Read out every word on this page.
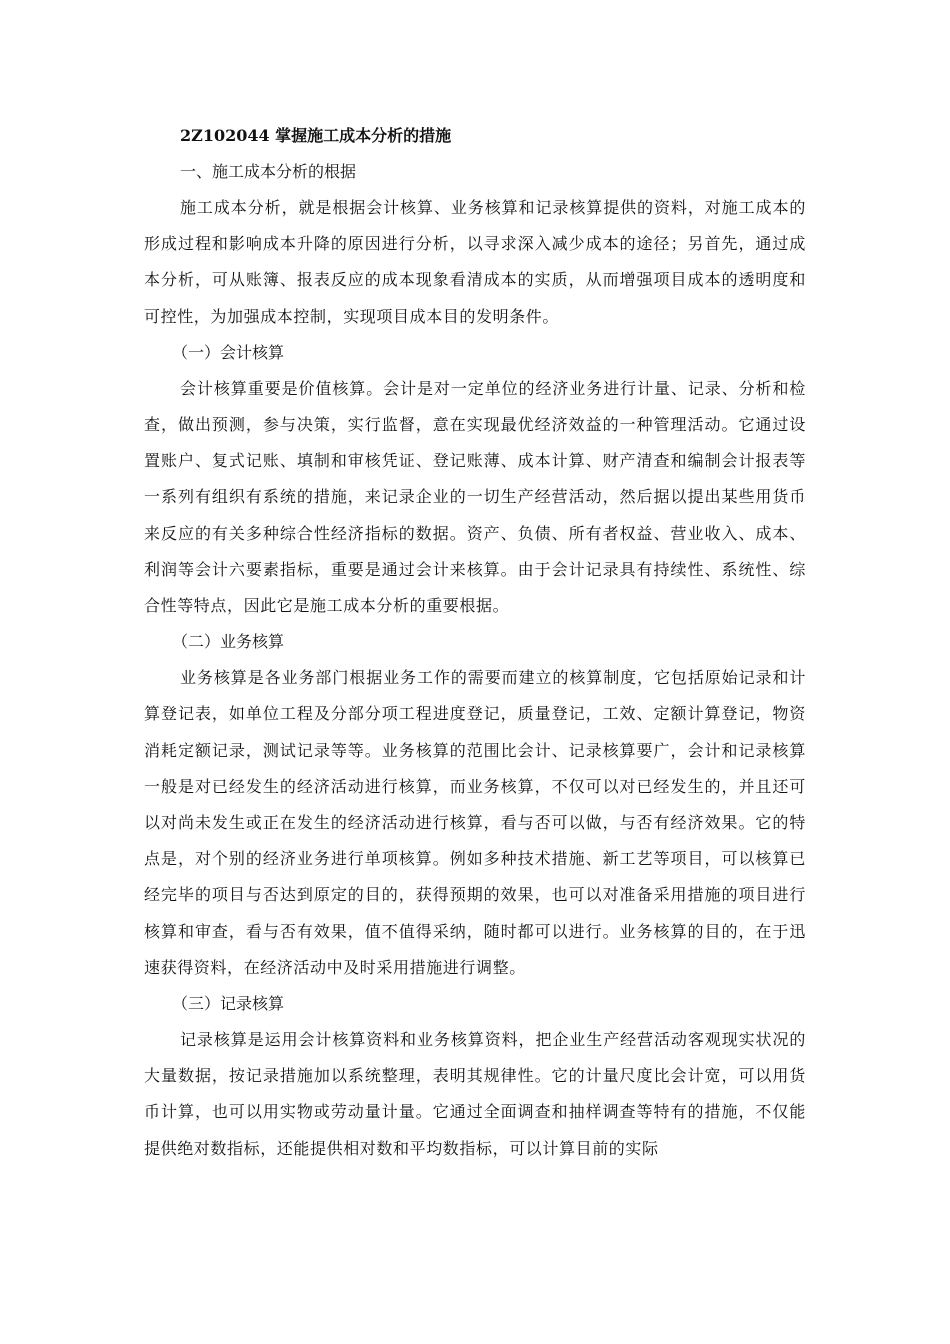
2Z102044 掌握施工成本分析的措施

一、施工成本分析的根据

施工成本分析，就是根据会计核算、业务核算和记录核算提供的资料，对施工成本的形成过程和影响成本升降的原因进行分析，以寻求深入减少成本的途径；另首先，通过成本分析，可从账簿、报表反应的成本现象看清成本的实质，从而增强项目成本的透明度和可控性，为加强成本控制，实现项目成本目的发明条件。

（一）会计核算

会计核算重要是价值核算。会计是对一定单位的经济业务进行计量、记录、分析和检查，做出预测，参与决策，实行监督，意在实现最优经济效益的一种管理活动。它通过设置账户、复式记账、填制和审核凭证、登记账薄、成本计算、财产清查和编制会计报表等一系列有组织有系统的措施，来记录企业的一切生产经营活动，然后据以提出某些用货币来反应的有关多种综合性经济指标的数据。资产、负债、所有者权益、营业收入、成本、利润等会计六要素指标，重要是通过会计来核算。由于会计记录具有持续性、系统性、综合性等特点，因此它是施工成本分析的重要根据。

（二）业务核算

业务核算是各业务部门根据业务工作的需要而建立的核算制度，它包括原始记录和计算登记表，如单位工程及分部分项工程进度登记，质量登记，工效、定额计算登记，物资消耗定额记录，测试记录等等。业务核算的范围比会计、记录核算要广，会计和记录核算一般是对已经发生的经济活动进行核算，而业务核算，不仅可以对已经发生的，并且还可以对尚未发生或正在发生的经济活动进行核算，看与否可以做，与否有经济效果。它的特点是，对个别的经济业务进行单项核算。例如多种技术措施、新工艺等项目，可以核算已经完毕的项目与否达到原定的目的，获得预期的效果，也可以对准备采用措施的项目进行核算和审查，看与否有效果，值不值得采纳，随时都可以进行。业务核算的目的，在于迅速获得资料，在经济活动中及时采用措施进行调整。

（三）记录核算

记录核算是运用会计核算资料和业务核算资料，把企业生产经营活动客观现实状况的大量数据，按记录措施加以系统整理，表明其规律性。它的计量尺度比会计宽，可以用货币计算，也可以用实物或劳动量计量。它通过全面调查和抽样调查等特有的措施，不仅能提供绝对数指标，还能提供相对数和平均数指标，可以计算目前的实际
